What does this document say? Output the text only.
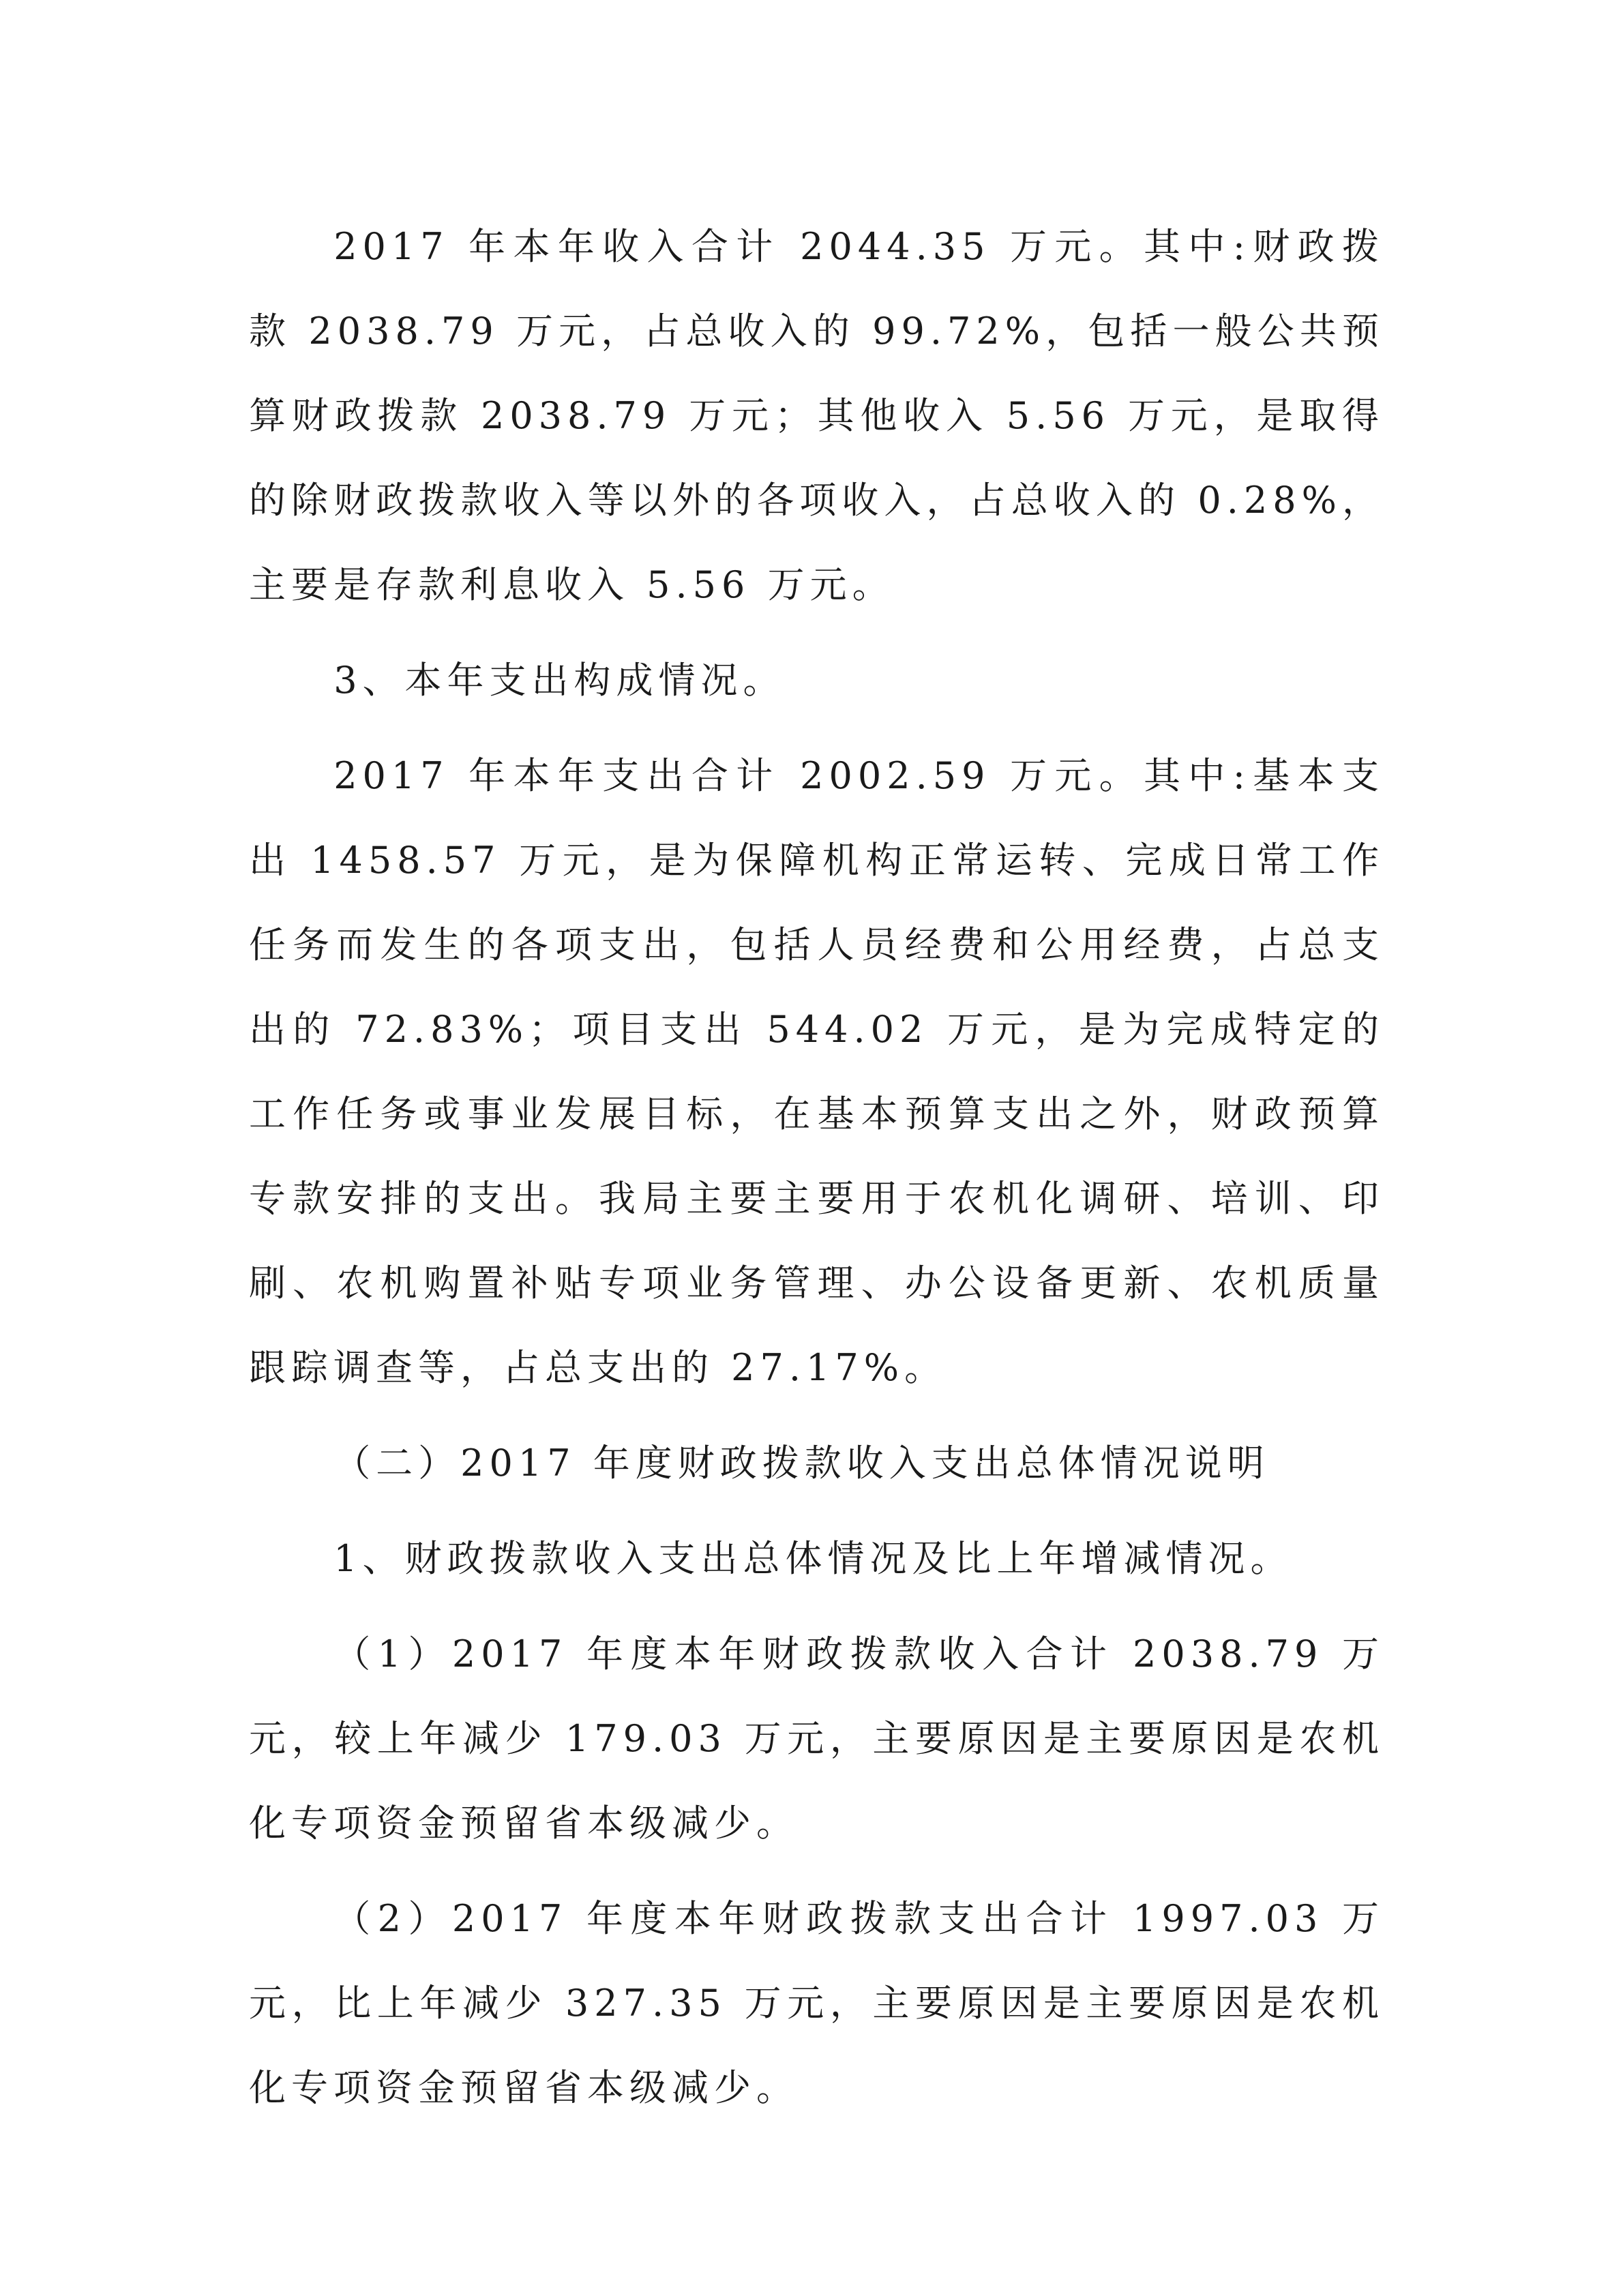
2017 年本年收入合计 2044.35 万元。其中:财政拨款 2038.79 万元，占总收入的 99.72%，包括一般公共预算财政拨款 2038.79 万元；其他收入 5.56 万元，是取得的除财政拨款收入等以外的各项收入，占总收入的 0.28%，主要是存款利息收入 5.56 万元。

3、本年支出构成情况。

2017 年本年支出合计 2002.59 万元。其中:基本支出 1458.57 万元，是为保障机构正常运转、完成日常工作任务而发生的各项支出，包括人员经费和公用经费，占总支出的 72.83%；项目支出 544.02 万元，是为完成特定的工作任务或事业发展目标，在基本预算支出之外，财政预算专款安排的支出。我局主要主要用于农机化调研、培训、印刷、农机购置补贴专项业务管理、办公设备更新、农机质量跟踪调查等，占总支出的 27.17%。

（二）2017 年度财政拨款收入支出总体情况说明

1、财政拨款收入支出总体情况及比上年增减情况。

（1）2017 年度本年财政拨款收入合计 2038.79 万元，较上年减少 179.03 万元，主要原因是主要原因是农机化专项资金预留省本级减少。

（2）2017 年度本年财政拨款支出合计 1997.03 万元，比上年减少 327.35 万元，主要原因是主要原因是农机化专项资金预留省本级减少。
